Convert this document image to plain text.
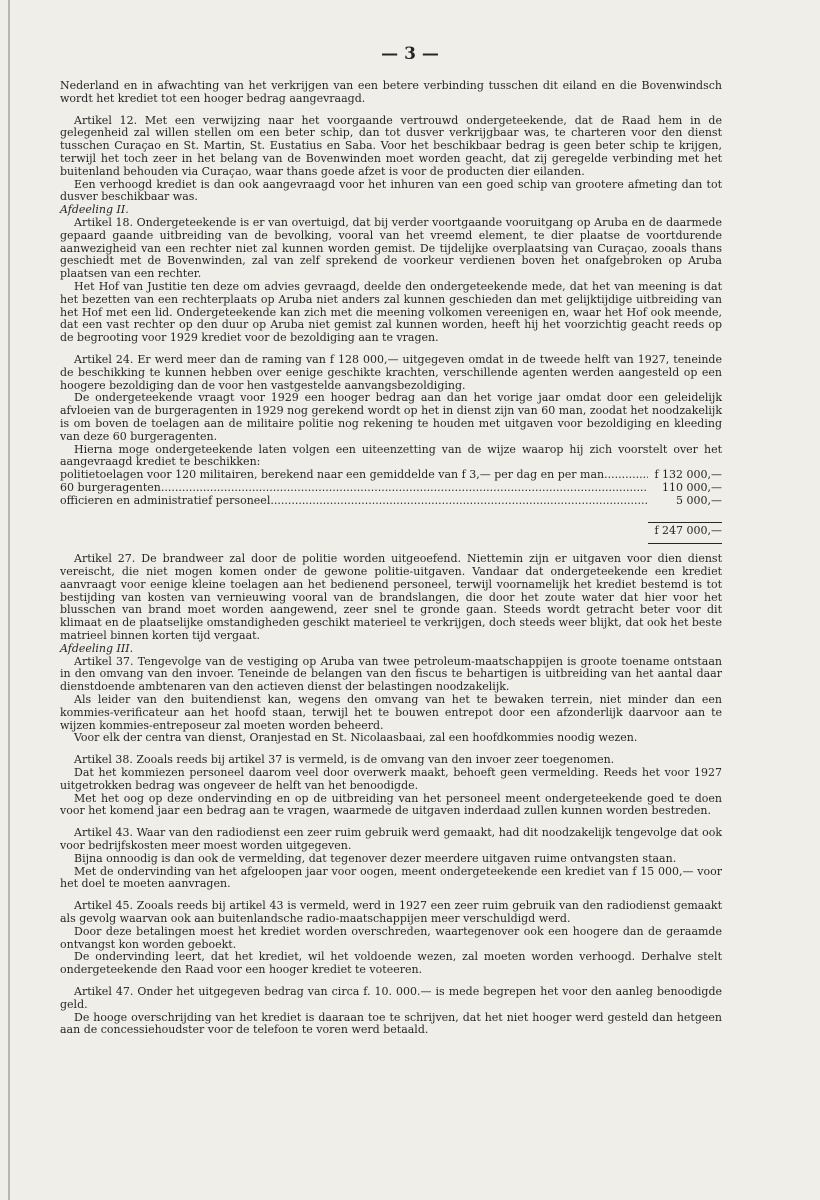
— 3 —

Nederland en in afwachting van het verkrijgen van een betere verbinding tusschen dit eiland en die Bovenwindsch wordt het krediet tot een hooger bedrag aangevraagd.

Artikel 12. Met een verwijzing naar het voorgaande vertrouwd ondergeteekende, dat de Raad hem in de gelegenheid zal willen stellen om een beter schip, dan tot dusver verkrijgbaar was, te charteren voor den dienst tusschen Curaçao en St. Martin, St. Eustatius en Saba. Voor het beschikbaar bedrag is geen beter schip te krijgen, terwijl het toch zeer in het belang van de Bovenwinden moet worden geacht, dat zij geregelde verbinding met het buitenland behouden via Curaçao, waar thans goede afzet is voor de producten dier eilanden.

Een verhoogd krediet is dan ook aangevraagd voor het inhuren van een goed schip van grootere afmeting dan tot dusver beschikbaar was.

Afdeeling II.

Artikel 18. Ondergeteekende is er van overtuigd, dat bij verder voortgaande vooruitgang op Aruba en de daarmede gepaard gaande uitbreiding van de bevolking, vooral van het vreemd element, te dier plaatse de voortdurende aanwezigheid van een rechter niet zal kunnen worden gemist. De tijdelijke overplaatsing van Curaçao, zooals thans geschiedt met de Bovenwinden, zal van zelf sprekend de voorkeur verdienen boven het onafgebroken op Aruba plaatsen van een rechter.

Het Hof van Justitie ten deze om advies gevraagd, deelde den ondergeteekende mede, dat het van meening is dat het bezetten van een rechterplaats op Aruba niet anders zal kunnen geschieden dan met gelijktijdige uitbreiding van het Hof met een lid. Ondergeteekende kan zich met die meening volkomen vereenigen en, waar het Hof ook meende, dat een vast rechter op den duur op Aruba niet gemist zal kunnen worden, heeft hij het voorzichtig geacht reeds op de begrooting voor 1929 krediet voor de bezoldiging aan te vragen.

Artikel 24. Er werd meer dan de raming van f 128 000,— uitgegeven omdat in de tweede helft van 1927, teneinde de beschikking te kunnen hebben over eenige geschikte krachten, verschillende agenten werden aangesteld op een hoogere bezoldiging dan de voor hen vastgestelde aanvangsbezoldiging.

De ondergeteekende vraagt voor 1929 een hooger bedrag aan dan het vorige jaar omdat door een geleidelijk afvloeien van de burgeragenten in 1929 nog gerekend wordt op het in dienst zijn van 60 man, zoodat het noodzakelijk is om boven de toelagen aan de militaire politie nog rekening te houden met uitgaven voor bezoldiging en kleeding van deze 60 burgeragenten.

Hierna moge ondergeteekende laten volgen een uiteenzetting van de wijze waarop hij zich voorstelt over het aangevraagd krediet te beschikken:

politietoelagen voor 120 militairen, berekend naar een gemiddelde van f 3,— per dag en per man .....	f 132 000,—
60 burgeragenten .....	110 000,—
officieren en administratief personeel .....	5 000,—
f 247 000,—

Artikel 27. De brandweer zal door de politie worden uitgeoefend. Niettemin zijn er uitgaven voor dien dienst vereischt, die niet mogen komen onder de gewone politie-uitgaven. Vandaar dat ondergeteekende een krediet aanvraagt voor eenige kleine toelagen aan het bedienend personeel, terwijl voornamelijk het krediet bestemd is tot bestijding van kosten van vernieuwing vooral van de brandslangen, die door het zoute water dat hier voor het blusschen van brand moet worden aangewend, zeer snel te gronde gaan. Steeds wordt getracht beter voor dit klimaat en de plaatselijke omstandigheden geschikt materieel te verkrijgen, doch steeds weer blijkt, dat ook het beste matrieel binnen korten tijd vergaat.

Afdeeling III.

Artikel 37. Tengevolge van de vestiging op Aruba van twee petroleum-maatschappijen is groote toename ontstaan in den omvang van den invoer. Teneinde de belangen van den fiscus te behartigen is uitbreiding van het aantal daar dienstdoende ambtenaren van den actieven dienst der belastingen noodzakelijk.

Als leider van den buitendienst kan, wegens den omvang van het te bewaken terrein, niet minder dan een kommies-verificateur aan het hoofd staan, terwijl het te bouwen entrepot door een afzonderlijk daarvoor aan te wijzen kommies-entreposeur zal moeten worden beheerd.

Voor elk der centra van dienst, Oranjestad en St. Nicolaasbaai, zal een hoofdkommies noodig wezen.

Artikel 38. Zooals reeds bij artikel 37 is vermeld, is de omvang van den invoer zeer toegenomen.

Dat het kommiezen personeel daarom veel door overwerk maakt, behoeft geen vermelding. Reeds het voor 1927 uitgetrokken bedrag was ongeveer de helft van het benoodigde.

Met het oog op deze ondervinding en op de uitbreiding van het personeel meent ondergeteekende goed te doen voor het komend jaar een bedrag aan te vragen, waarmede de uitgaven inderdaad zullen kunnen worden bestreden.

Artikel 43. Waar van den radiodienst een zeer ruim gebruik werd gemaakt, had dit noodzakelijk tengevolge dat ook voor bedrijfskosten meer moest worden uitgegeven.

Bijna onnoodig is dan ook de vermelding, dat tegenover dezer meerdere uitgaven ruime ontvangsten staan.

Met de ondervinding van het afgeloopen jaar voor oogen, meent ondergeteekende een krediet van f 15 000,— voor het doel te moeten aanvragen.

Artikel 45. Zooals reeds bij artikel 43 is vermeld, werd in 1927 een zeer ruim gebruik van den radiodienst gemaakt als gevolg waarvan ook aan buitenlandsche radio-maatschappijen meer verschuldigd werd.

Door deze betalingen moest het krediet worden overschreden, waartegenover ook een hoogere dan de geraamde ontvangst kon worden geboekt.

De ondervinding leert, dat het krediet, wil het voldoende wezen, zal moeten worden verhoogd. Derhalve stelt ondergeteekende den Raad voor een hooger krediet te voteeren.

Artikel 47. Onder het uitgegeven bedrag van circa f. 10. 000.— is mede begrepen het voor den aanleg benoodigde geld.

De hooge overschrijding van het krediet is daaraan toe te schrijven, dat het niet hooger werd gesteld dan hetgeen aan de concessiehoudster voor de telefoon te voren werd betaald.
